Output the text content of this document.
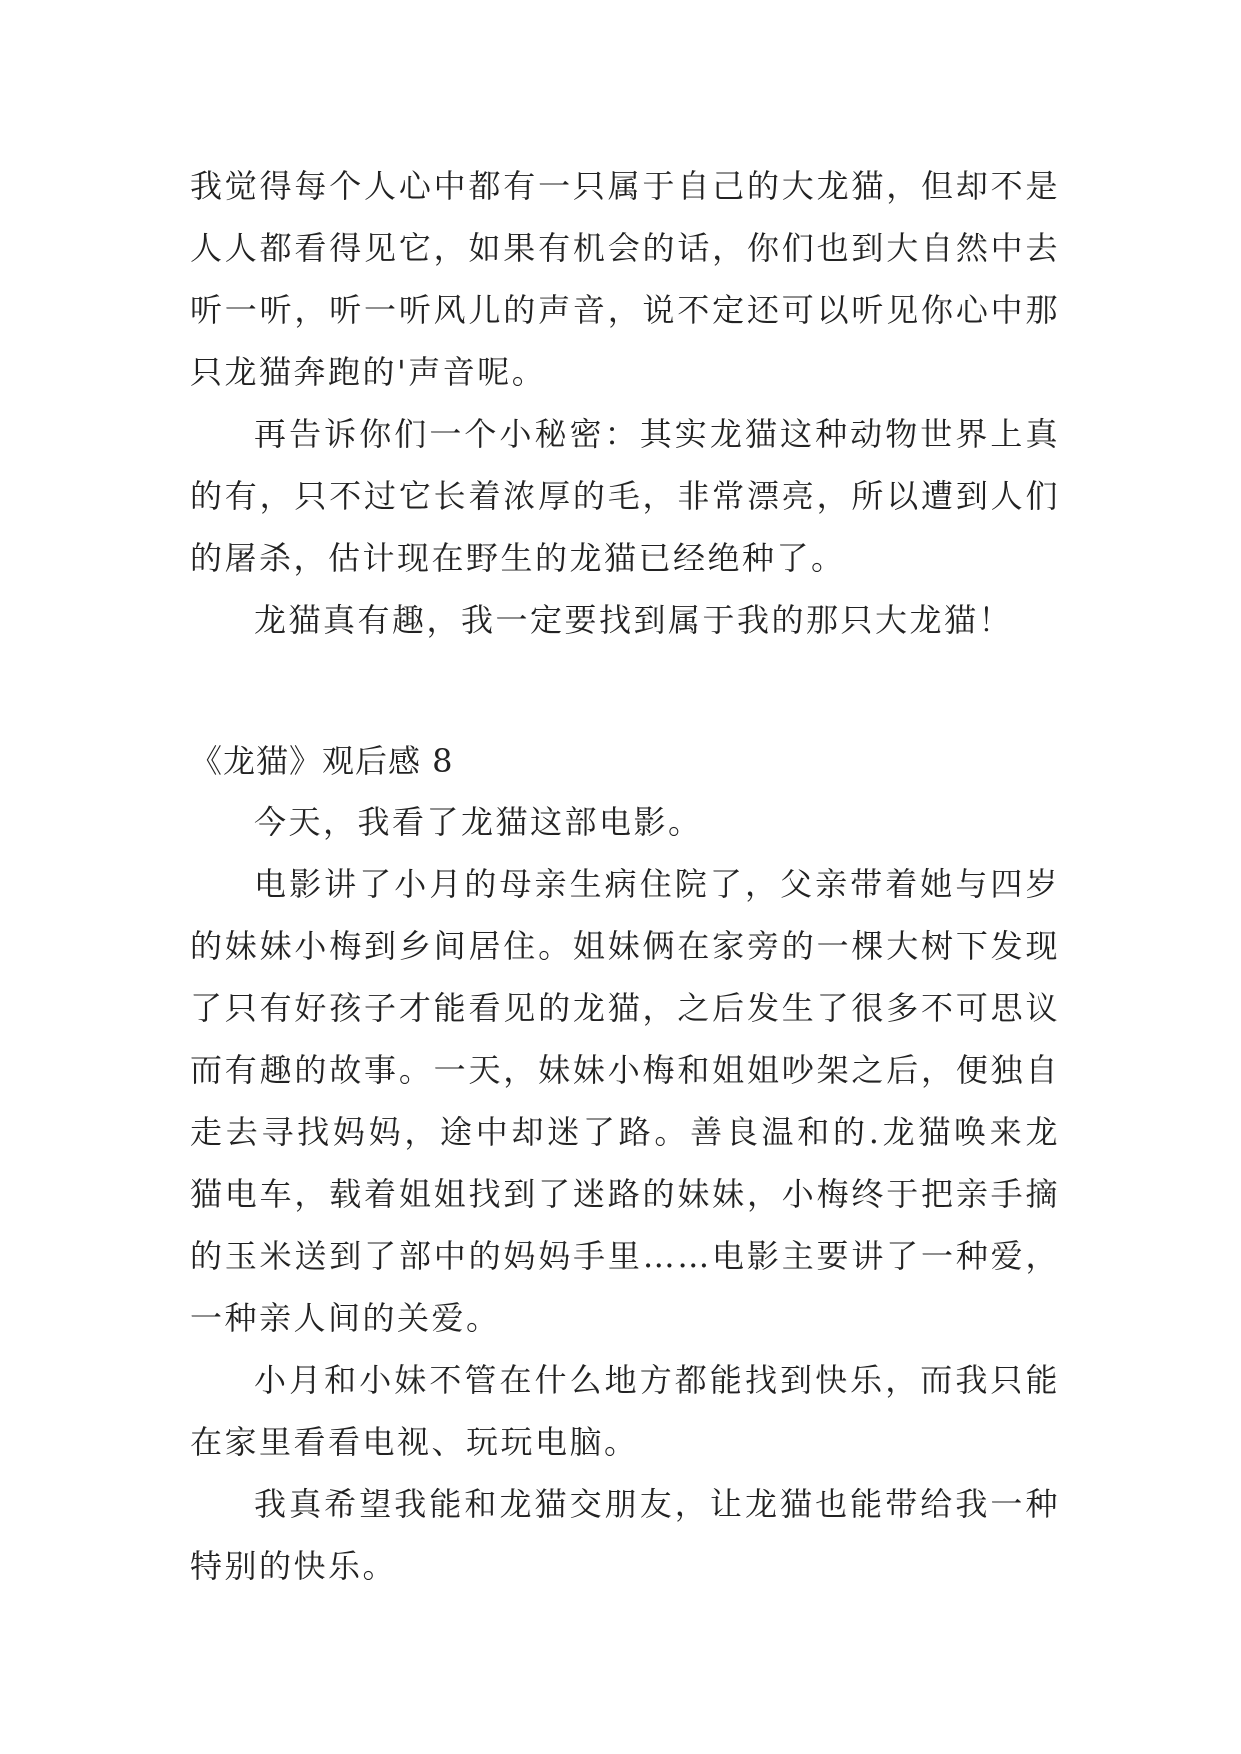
我觉得每个人心中都有一只属于自己的大龙猫，但却不是人人都看得见它，如果有机会的话，你们也到大自然中去听一听，听一听风儿的声音，说不定还可以听见你心中那只龙猫奔跑的'声音呢。

再告诉你们一个小秘密：其实龙猫这种动物世界上真的有，只不过它长着浓厚的毛，非常漂亮，所以遭到人们的屠杀，估计现在野生的龙猫已经绝种了。

龙猫真有趣，我一定要找到属于我的那只大龙猫！

《龙猫》观后感 8

今天，我看了龙猫这部电影。

电影讲了小月的母亲生病住院了，父亲带着她与四岁的妹妹小梅到乡间居住。姐妹俩在家旁的一棵大树下发现了只有好孩子才能看见的龙猫，之后发生了很多不可思议而有趣的故事。一天，妹妹小梅和姐姐吵架之后，便独自走去寻找妈妈，途中却迷了路。善良温和的.龙猫唤来龙猫电车，载着姐姐找到了迷路的妹妹，小梅终于把亲手摘的玉米送到了部中的妈妈手里……电影主要讲了一种爱，一种亲人间的关爱。

小月和小妹不管在什么地方都能找到快乐，而我只能在家里看看电视、玩玩电脑。

我真希望我能和龙猫交朋友，让龙猫也能带给我一种特别的快乐。
